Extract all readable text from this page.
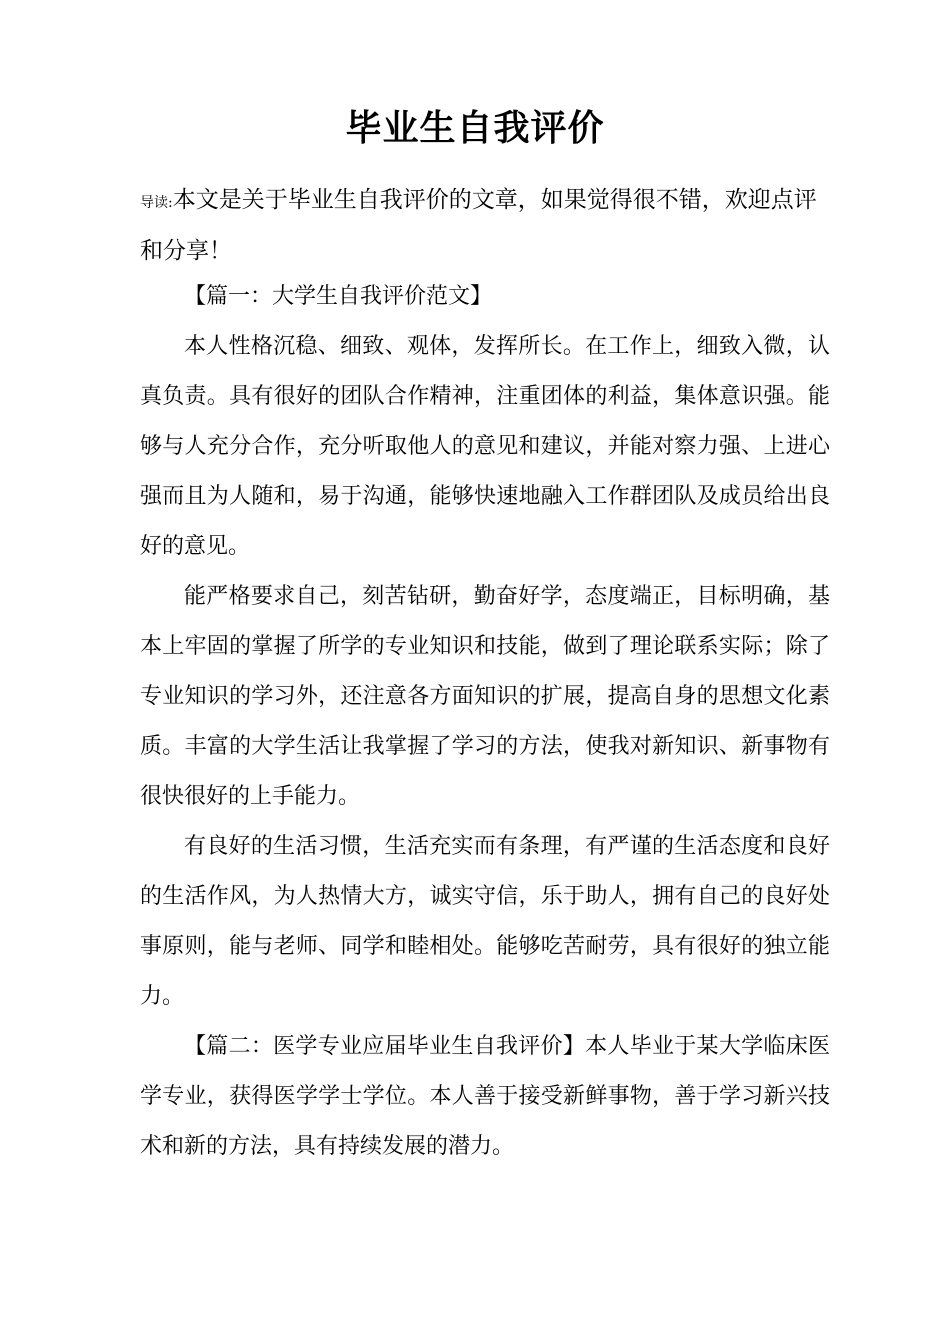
毕业生自我评价
导读:本文是关于毕业生自我评价的文章，如果觉得很不错，欢迎点评和分享！

【篇一：大学生自我评价范文】

本人性格沉稳、细致、观体，发挥所长。在工作上，细致入微，认真负责。具有很好的团队合作精神，注重团体的利益，集体意识强。能够与人充分合作，充分听取他人的意见和建议，并能对察力强、上进心强而且为人随和，易于沟通，能够快速地融入工作群团队及成员给出良好的意见。

能严格要求自己，刻苦钻研，勤奋好学，态度端正，目标明确，基本上牢固的掌握了所学的专业知识和技能，做到了理论联系实际；除了专业知识的学习外，还注意各方面知识的扩展，提高自身的思想文化素质。丰富的大学生活让我掌握了学习的方法，使我对新知识、新事物有很快很好的上手能力。

有良好的生活习惯，生活充实而有条理，有严谨的生活态度和良好的生活作风，为人热情大方，诚实守信，乐于助人，拥有自己的良好处事原则，能与老师、同学和睦相处。能够吃苦耐劳，具有很好的独立能力。

【篇二：医学专业应届毕业生自我评价】本人毕业于某大学临床医学专业，获得医学学士学位。本人善于接受新鲜事物，善于学习新兴技术和新的方法，具有持续发展的潜力。
